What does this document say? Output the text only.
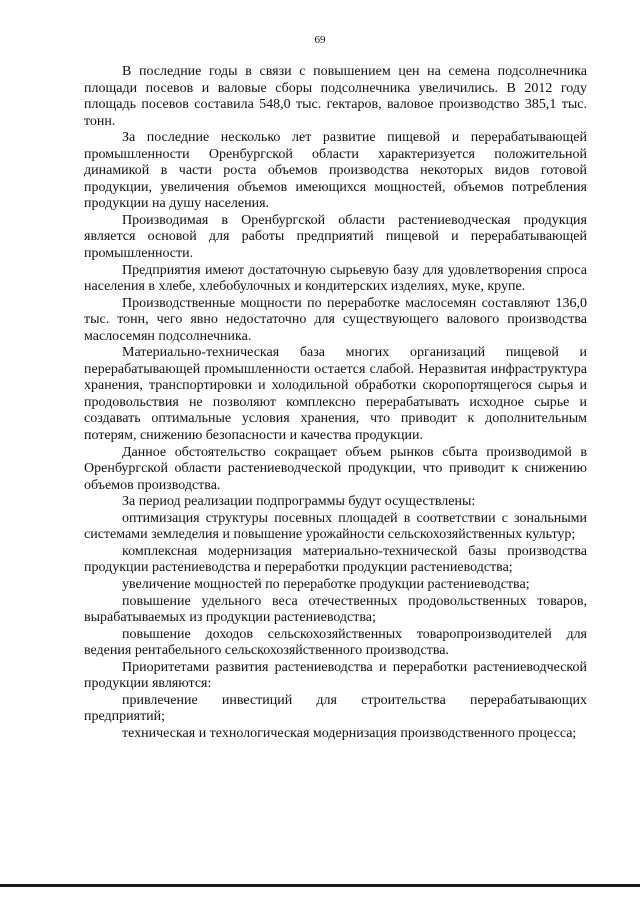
69

В последние годы в связи с повышением цен на семена подсолнечника площади посевов и валовые сборы подсолнечника увеличились. В 2012 году площадь посевов составила 548,0 тыс. гектаров, валовое производство 385,1 тыс. тонн.

За последние несколько лет развитие пищевой и перерабатывающей промышленности Оренбургской области характеризуется положительной динамикой в части роста объемов производства некоторых видов готовой продукции, увеличения объемов имеющихся мощностей, объемов потребления продукции на душу населения.

Производимая в Оренбургской области растениеводческая продукция является основой для работы предприятий пищевой и перерабатывающей промышленности.

Предприятия имеют достаточную сырьевую базу для удовлетворения спроса населения в хлебе, хлебобулочных и кондитерских изделиях, муке, крупе.

Производственные мощности по переработке маслосемян составляют 136,0 тыс. тонн, чего явно недостаточно для существующего валового производства маслосемян подсолнечника.

Материально-техническая база многих организаций пищевой и перерабатывающей промышленности остается слабой. Неразвитая инфраструктура хранения, транспортировки и холодильной обработки скоропортящегося сырья и продовольствия не позволяют комплексно перерабатывать исходное сырье и создавать оптимальные условия хранения, что приводит к дополнительным потерям, снижению безопасности и качества продукции.

Данное обстоятельство сокращает объем рынков сбыта производимой в Оренбургской области растениеводческой продукции, что приводит к снижению объемов производства.

За период реализации подпрограммы будут осуществлены:

оптимизация структуры посевных площадей в соответствии с зональными системами земледелия и повышение урожайности сельскохозяйственных культур;

комплексная модернизация материально-технической базы производства продукции растениеводства и переработки продукции растениеводства;

увеличение мощностей по переработке продукции растениеводства;

повышение удельного веса отечественных продовольственных товаров, вырабатываемых из продукции растениеводства;

повышение доходов сельскохозяйственных товаропроизводителей для ведения рентабельного сельскохозяйственного производства.

Приоритетами развития растениеводства и переработки растениеводческой продукции являются:

привлечение инвестиций для строительства перерабатывающих предприятий;

техническая и технологическая модернизация производственного процесса;
